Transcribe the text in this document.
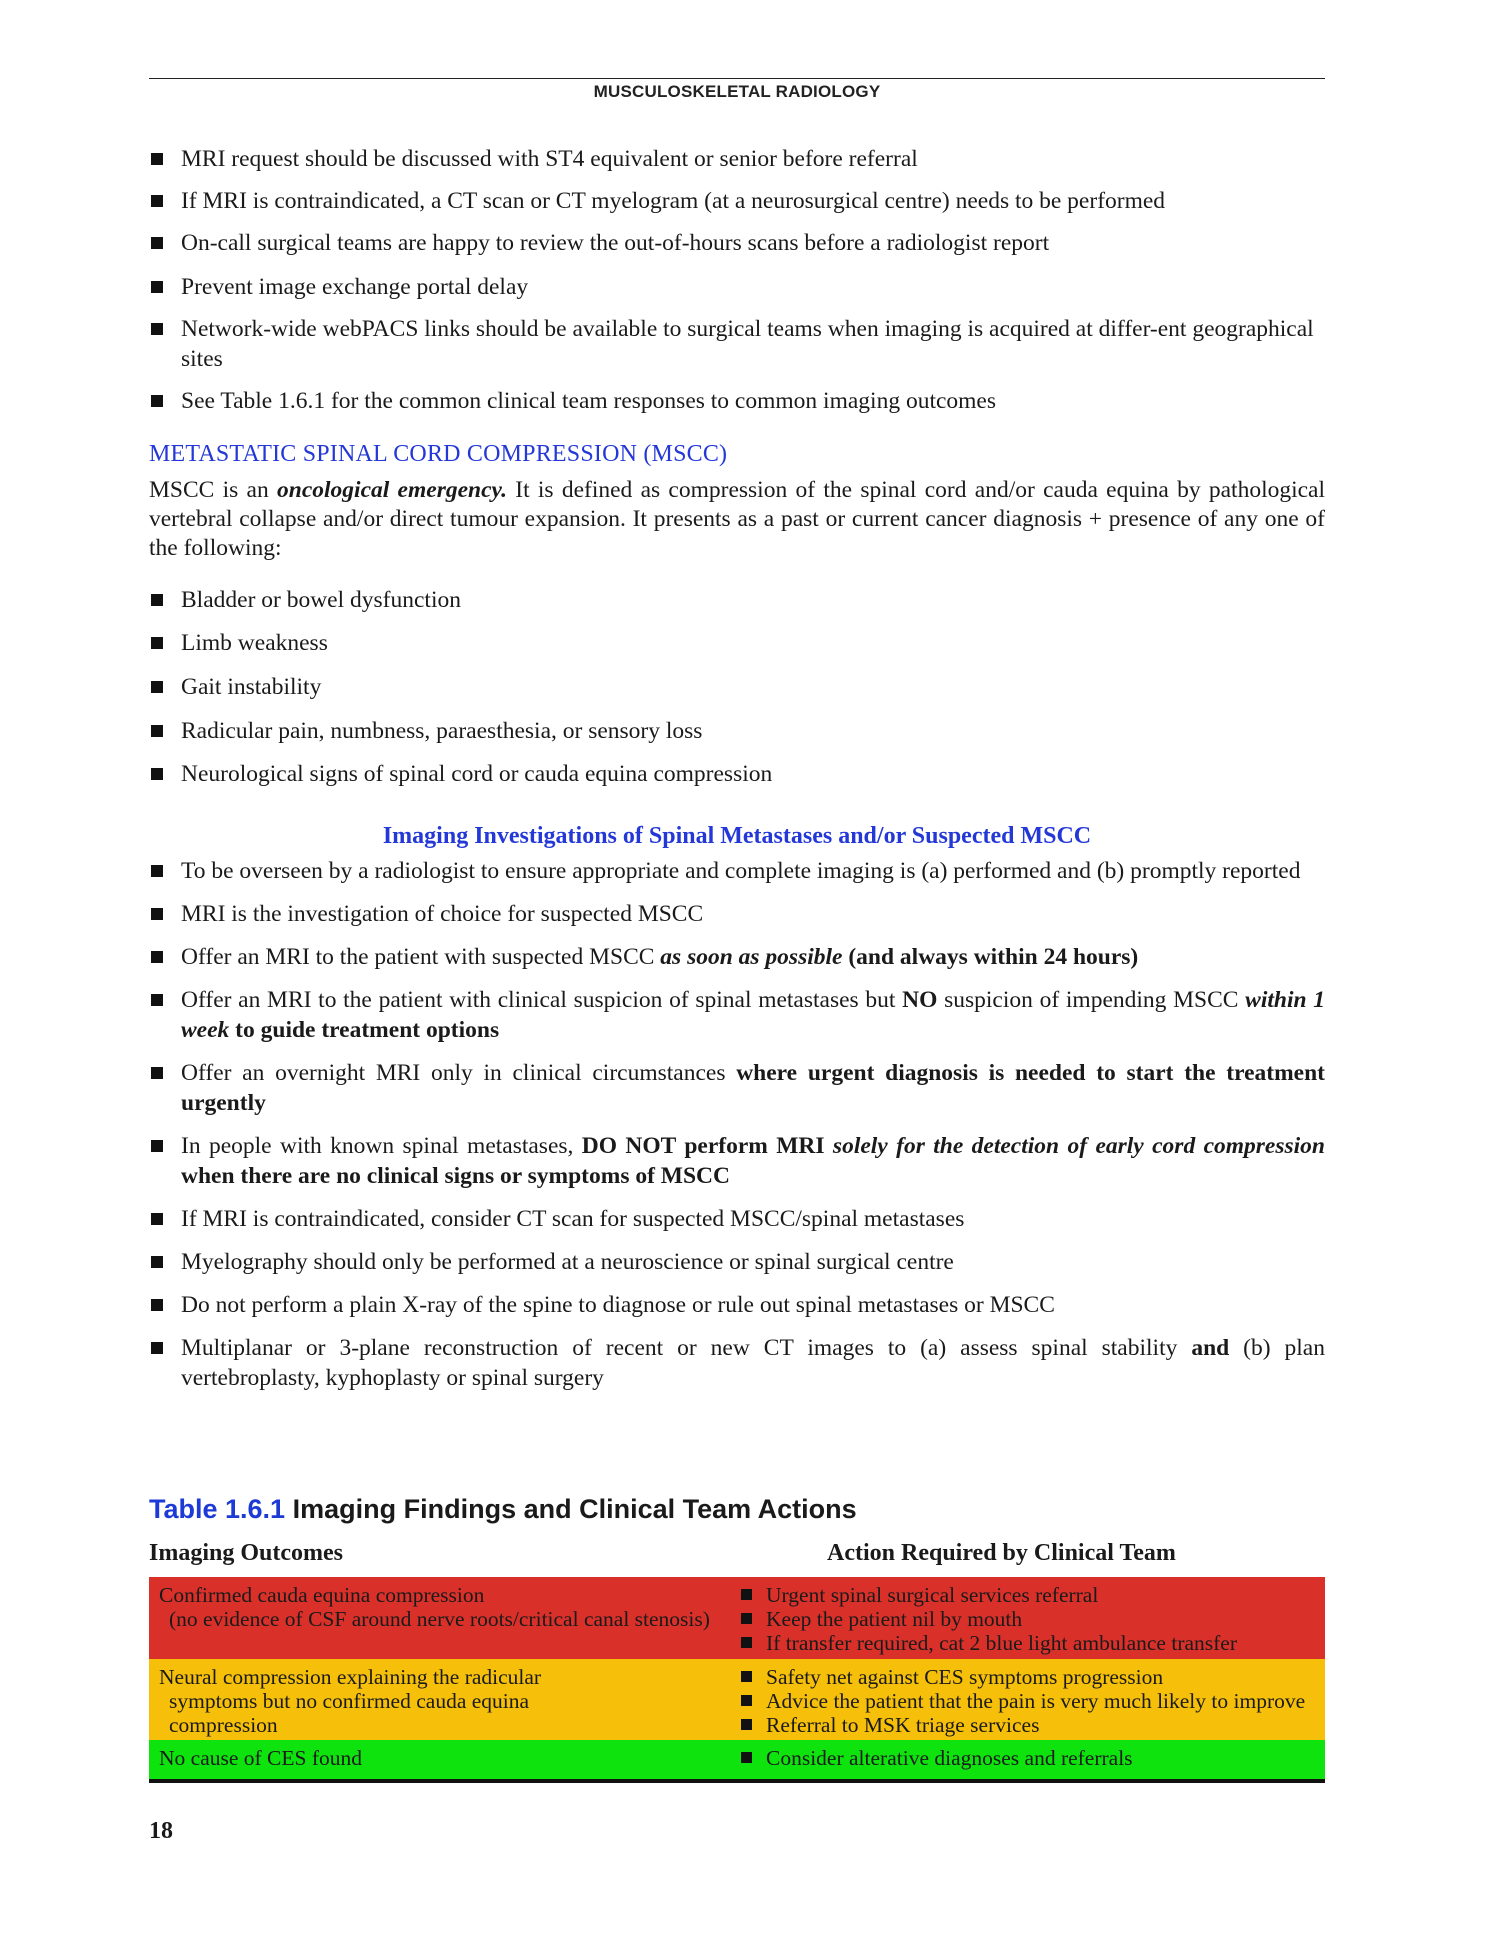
MUSCULOSKELETAL RADIOLOGY
MRI request should be discussed with ST4 equivalent or senior before referral
If MRI is contraindicated, a CT scan or CT myelogram (at a neurosurgical centre) needs to be performed
On-call surgical teams are happy to review the out-of-hours scans before a radiologist report
Prevent image exchange portal delay
Network-wide webPACS links should be available to surgical teams when imaging is acquired at differ-ent geographical sites
See Table 1.6.1 for the common clinical team responses to common imaging outcomes
METASTATIC SPINAL CORD COMPRESSION (MSCC)
MSCC is an oncological emergency. It is defined as compression of the spinal cord and/or cauda equina by pathological vertebral collapse and/or direct tumour expansion. It presents as a past or current cancer diagnosis + presence of any one of the following:
Bladder or bowel dysfunction
Limb weakness
Gait instability
Radicular pain, numbness, paraesthesia, or sensory loss
Neurological signs of spinal cord or cauda equina compression
Imaging Investigations of Spinal Metastases and/or Suspected MSCC
To be overseen by a radiologist to ensure appropriate and complete imaging is (a) performed and (b) promptly reported
MRI is the investigation of choice for suspected MSCC
Offer an MRI to the patient with suspected MSCC as soon as possible (and always within 24 hours)
Offer an MRI to the patient with clinical suspicion of spinal metastases but NO suspicion of impending MSCC within 1 week to guide treatment options
Offer an overnight MRI only in clinical circumstances where urgent diagnosis is needed to start the treatment urgently
In people with known spinal metastases, DO NOT perform MRI solely for the detection of early cord compression when there are no clinical signs or symptoms of MSCC
If MRI is contraindicated, consider CT scan for suspected MSCC/spinal metastases
Myelography should only be performed at a neuroscience or spinal surgical centre
Do not perform a plain X-ray of the spine to diagnose or rule out spinal metastases or MSCC
Multiplanar or 3-plane reconstruction of recent or new CT images to (a) assess spinal stability and (b) plan vertebroplasty, kyphoplasty or spinal surgery
Table 1.6.1 Imaging Findings and Clinical Team Actions
Imaging Outcomes	Action Required by Clinical Team
Confirmed cauda equina compression
(no evidence of CSF around nerve roots/critical canal stenosis)
Urgent spinal surgical services referral
Keep the patient nil by mouth
If transfer required, cat 2 blue light ambulance transfer
Neural compression explaining the radicular
symptoms but no confirmed cauda equina compression
Safety net against CES symptoms progression
Advice the patient that the pain is very much likely to improve
Referral to MSK triage services
No cause of CES found	Consider alterative diagnoses and referrals
18
